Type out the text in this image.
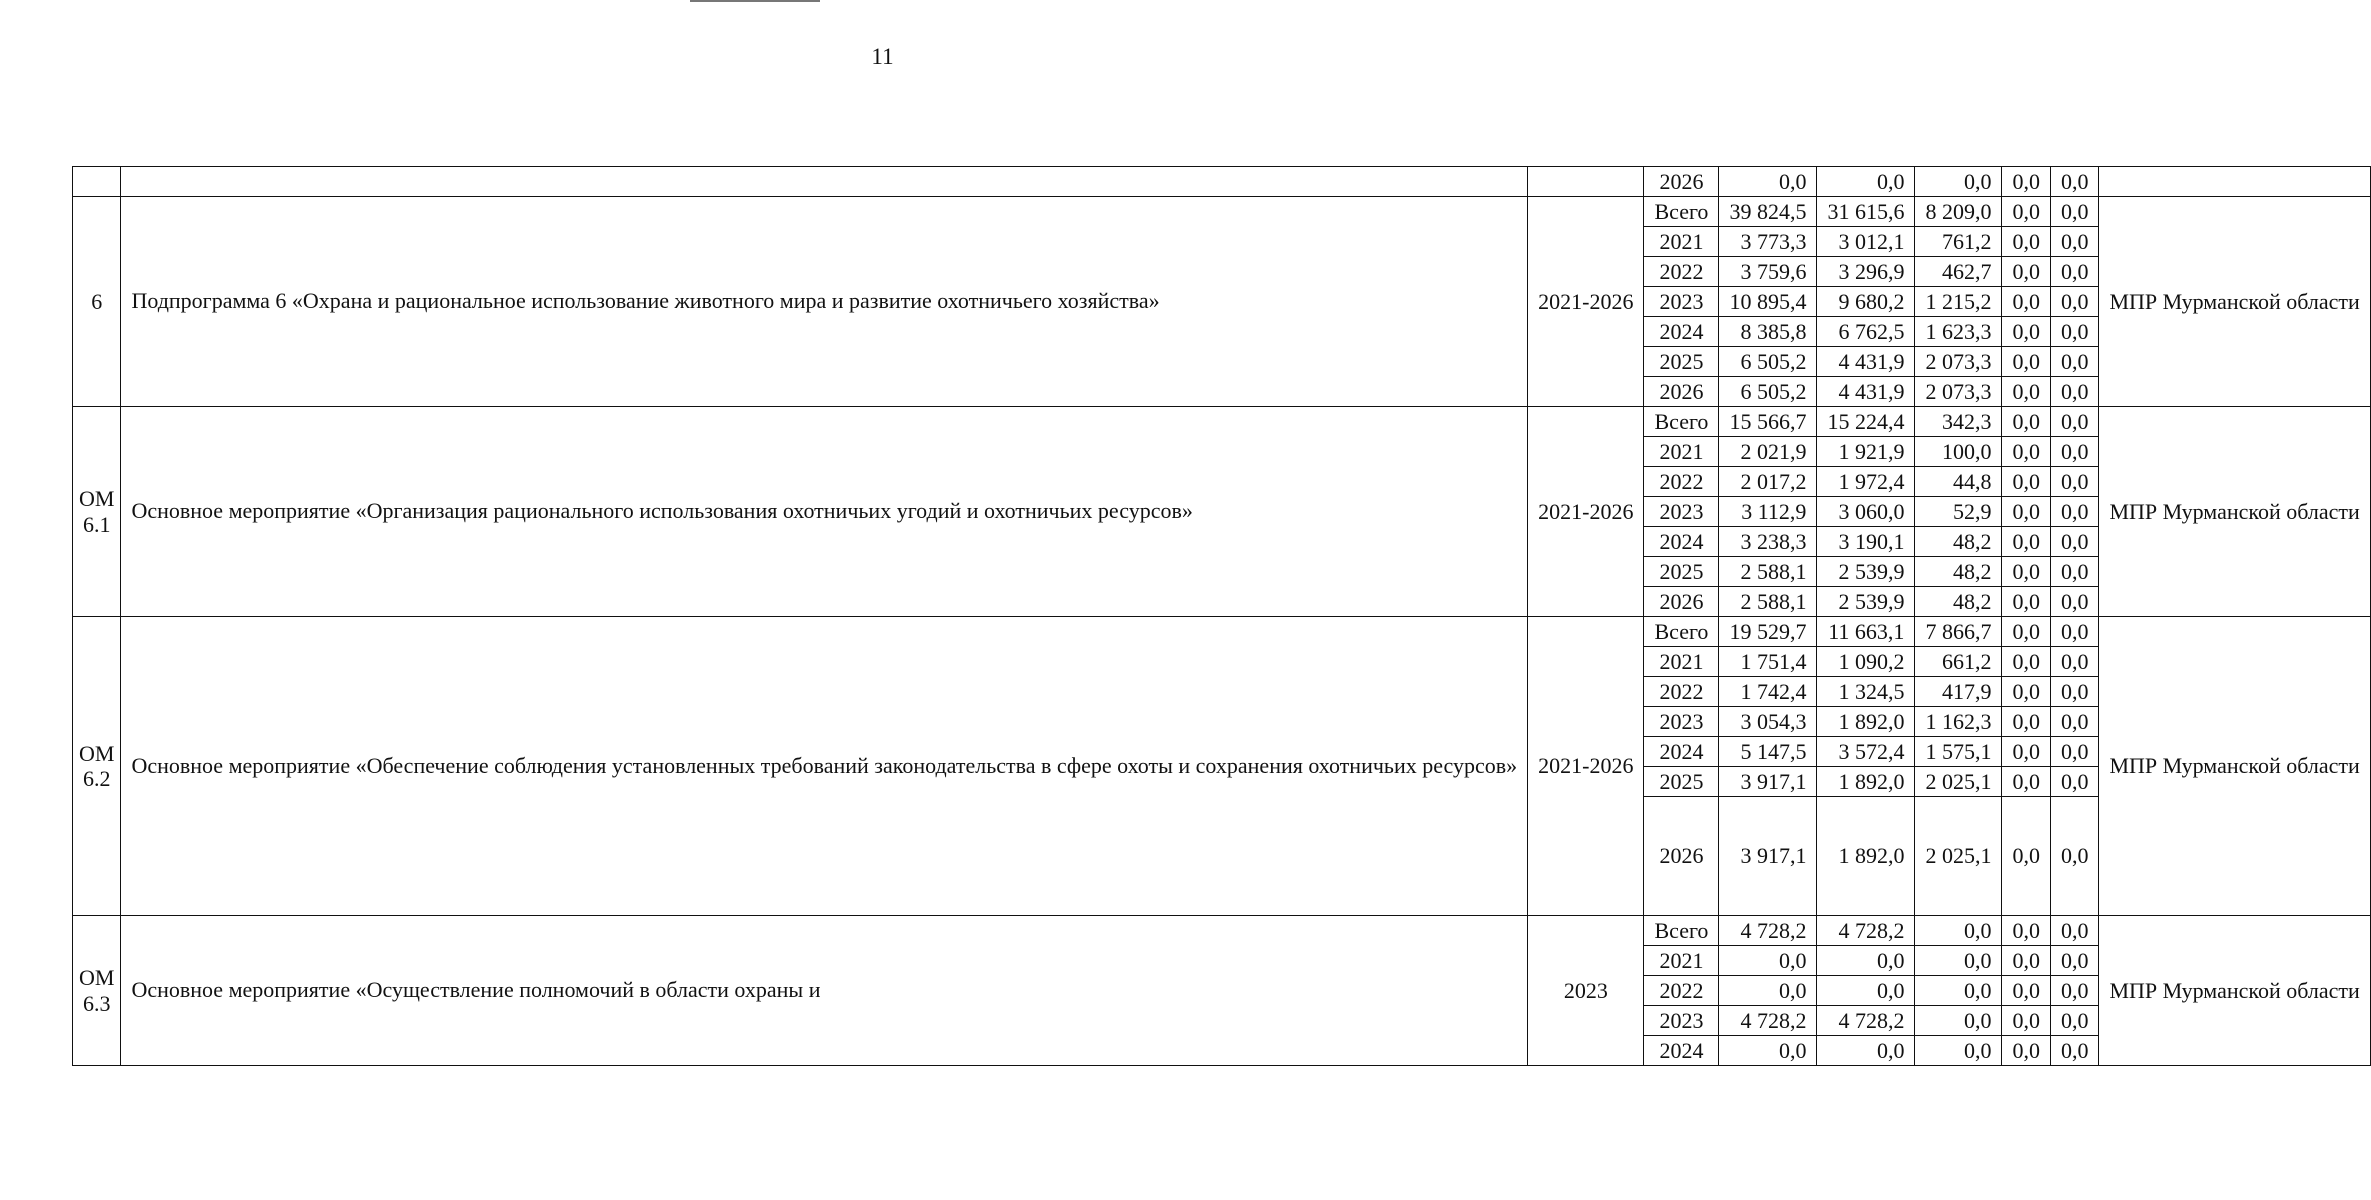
11
			2026	0,0	0,0	0,0	0,0	0,0	
6	Подпрограмма 6 «Охрана и рациональное использование животного мира и развитие охотничьего хозяйства»	2021-2026	Всего	39 824,5	31 615,6	8 209,0	0,0	0,0	МПР Мурманской области
			2021	3 773,3	3 012,1	761,2	0,0	0,0	
			2022	3 759,6	3 296,9	462,7	0,0	0,0	
			2023	10 895,4	9 680,2	1 215,2	0,0	0,0	
			2024	8 385,8	6 762,5	1 623,3	0,0	0,0	
			2025	6 505,2	4 431,9	2 073,3	0,0	0,0	
			2026	6 505,2	4 431,9	2 073,3	0,0	0,0	
ОМ 6.1	Основное мероприятие «Организация рационального использования охотничьих угодий и охотничьих ресурсов»	2021-2026	Всего	15 566,7	15 224,4	342,3	0,0	0,0	МПР Мурманской области
			2021	2 021,9	1 921,9	100,0	0,0	0,0	
			2022	2 017,2	1 972,4	44,8	0,0	0,0	
			2023	3 112,9	3 060,0	52,9	0,0	0,0	
			2024	3 238,3	3 190,1	48,2	0,0	0,0	
			2025	2 588,1	2 539,9	48,2	0,0	0,0	
			2026	2 588,1	2 539,9	48,2	0,0	0,0	
ОМ 6.2	Основное мероприятие «Обеспечение соблюдения установленных требований законодательства в сфере охоты и сохранения охотничьих ресурсов»	2021-2026	Всего	19 529,7	11 663,1	7 866,7	0,0	0,0	МПР Мурманской области
			2021	1 751,4	1 090,2	661,2	0,0	0,0	
			2022	1 742,4	1 324,5	417,9	0,0	0,0	
			2023	3 054,3	1 892,0	1 162,3	0,0	0,0	
			2024	5 147,5	3 572,4	1 575,1	0,0	0,0	
			2025	3 917,1	1 892,0	2 025,1	0,0	0,0	
			2026	3 917,1	1 892,0	2 025,1	0,0	0,0	
ОМ 6.3	Основное мероприятие «Осуществление полномочий в области охраны и	2023	Всего	4 728,2	4 728,2	0,0	0,0	0,0	МПР Мурманской области
			2021	0,0	0,0	0,0	0,0	0,0	
			2022	0,0	0,0	0,0	0,0	0,0	
			2023	4 728,2	4 728,2	0,0	0,0	0,0	
			2024	0,0	0,0	0,0	0,0	0,0	
